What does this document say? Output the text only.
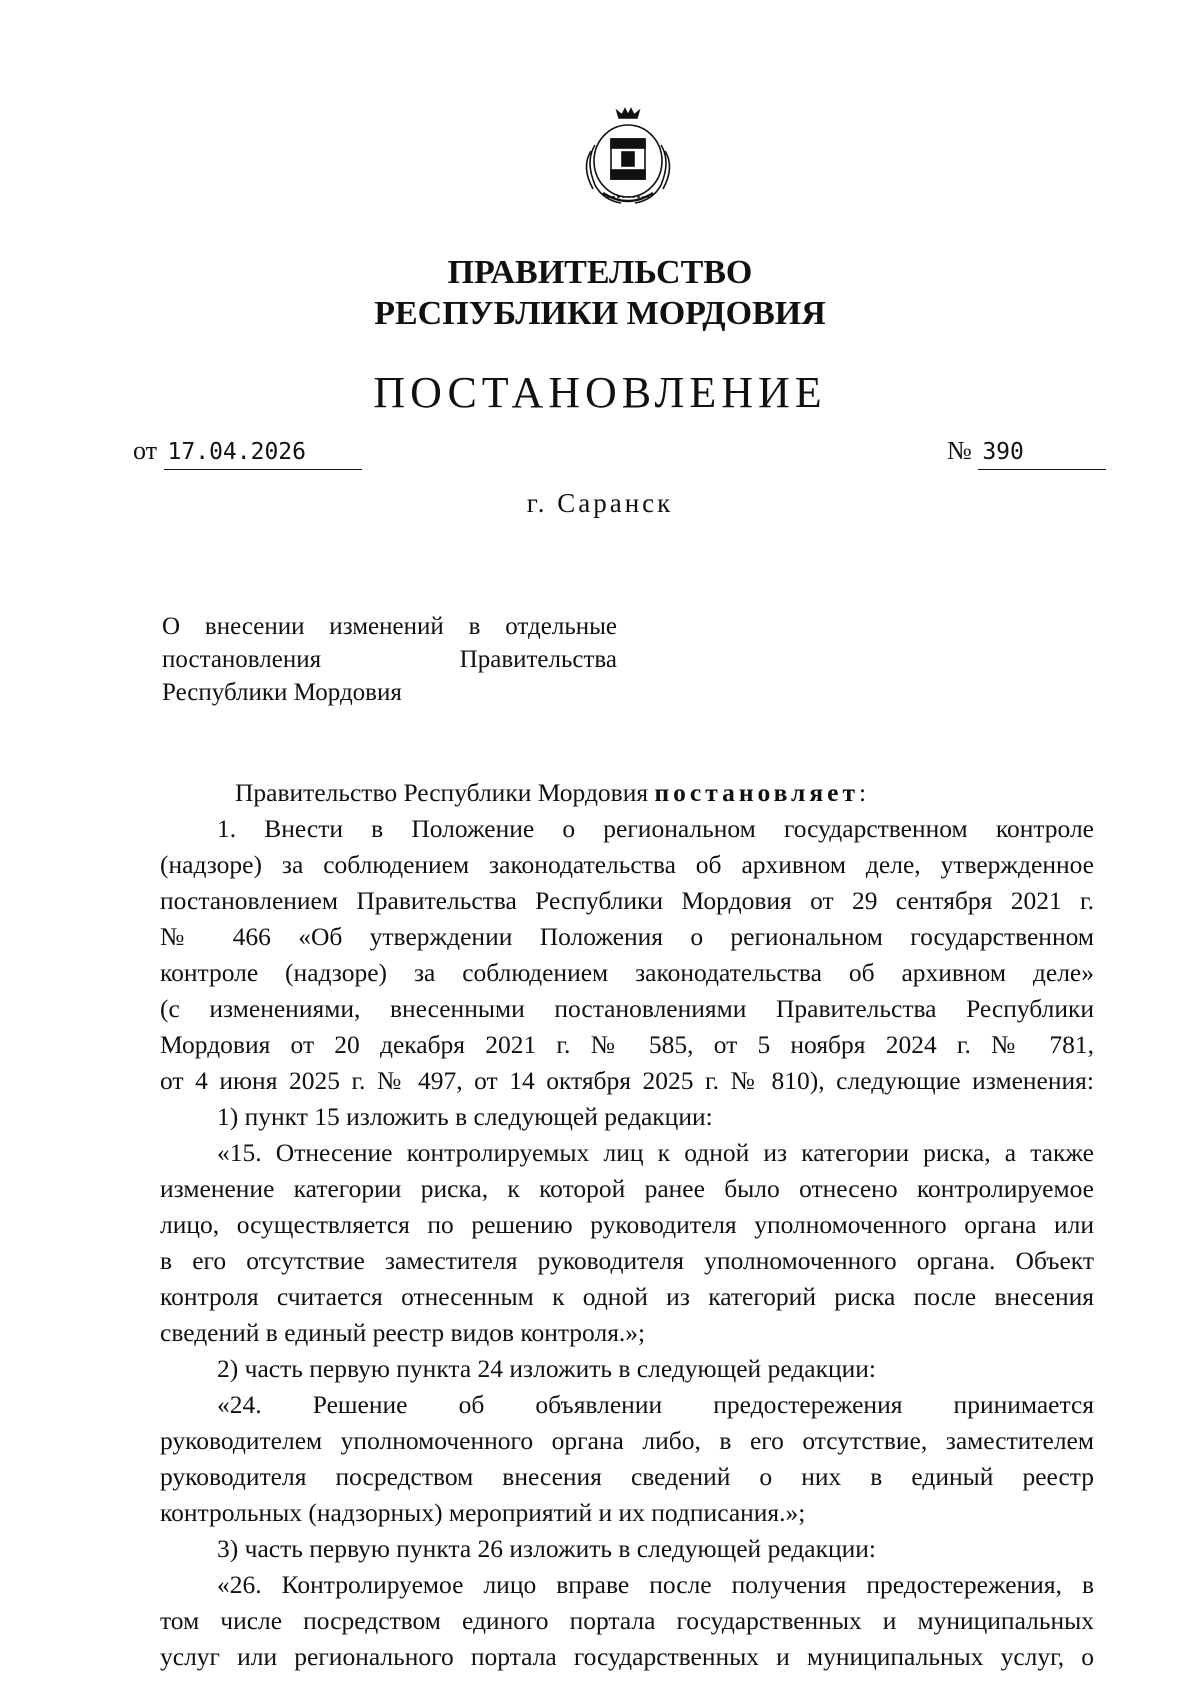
ПРАВИТЕЛЬСТВО
РЕСПУБЛИКИ МОРДОВИЯ
ПОСТАНОВЛЕНИЕ
от 17.04.2026	№ 390
г. Саранск
О внесении изменений в отдельные
постановления Правительства
Республики Мордовия
Правительство Республики Мордовия постановляет:
1. Внести в Положение о региональном государственном контроле
(надзоре) за соблюдением законодательства об архивном деле, утвержденное
постановлением Правительства Республики Мордовия от 29 сентября 2021 г.
№ 466 «Об утверждении Положения о региональном государственном
контроле (надзоре) за соблюдением законодательства об архивном деле»
(с изменениями, внесенными постановлениями Правительства Республики
Мордовия от 20 декабря 2021 г. № 585, от 5 ноября 2024 г. № 781,
от 4 июня 2025 г. № 497, от 14 октября 2025 г. № 810), следующие изменения:
1) пункт 15 изложить в следующей редакции:
«15. Отнесение контролируемых лиц к одной из категории риска, а также
изменение категории риска, к которой ранее было отнесено контролируемое
лицо, осуществляется по решению руководителя уполномоченного органа или
в его отсутствие заместителя руководителя уполномоченного органа. Объект
контроля считается отнесенным к одной из категорий риска после внесения
сведений в единый реестр видов контроля.»;
2) часть первую пункта 24 изложить в следующей редакции:
«24. Решение об объявлении предостережения принимается
руководителем уполномоченного органа либо, в его отсутствие, заместителем
руководителя посредством внесения сведений о них в единый реестр
контрольных (надзорных) мероприятий и их подписания.»;
3) часть первую пункта 26 изложить в следующей редакции:
«26. Контролируемое лицо вправе после получения предостережения, в
том числе посредством единого портала государственных и муниципальных
услуг или регионального портала государственных и муниципальных услуг, о
